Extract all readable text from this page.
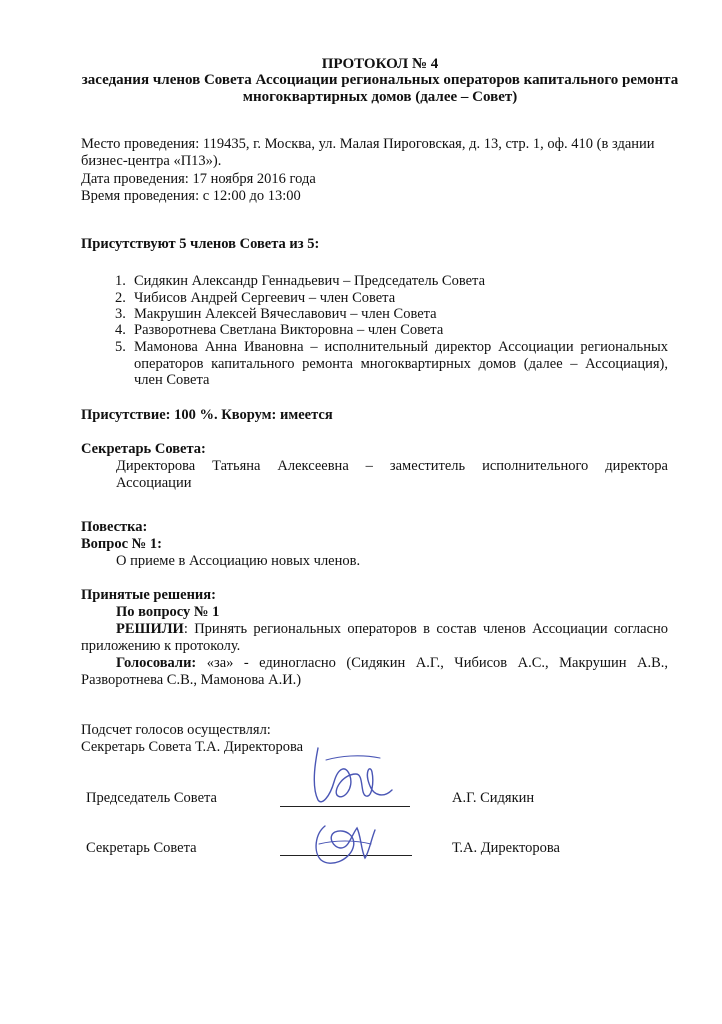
ПРОТОКОЛ № 4
заседания членов Совета Ассоциации региональных операторов капитального ремонта
многоквартирных домов (далее – Совет)
Место проведения: 119435, г. Москва, ул. Малая Пироговская, д. 13, стр. 1, оф. 410 (в здании
бизнес-центра «П13»).
Дата проведения: 17 ноября 2016 года
Время проведения: с 12:00 до 13:00
Присутствуют 5 членов Совета из 5:
1. Сидякин Александр Геннадьевич – Председатель Совета
2. Чибисов Андрей Сергеевич – член Совета
3. Макрушин Алексей Вячеславович – член Совета
4. Разворотнева Светлана Викторовна – член Совета
5. Мамонова Анна Ивановна – исполнительный директор Ассоциации региональных
операторов капитального ремонта многоквартирных домов (далее – Ассоциация),
член Совета
Присутствие: 100 %. Кворум: имеется
Секретарь Совета:
Директорова Татьяна Алексеевна – заместитель исполнительного директора
Ассоциации
Повестка:
Вопрос № 1:
О приеме в Ассоциацию новых членов.
Принятые решения:
По вопросу № 1
РЕШИЛИ: Принять региональных операторов в состав членов Ассоциации согласно
приложению к протоколу.
Голосовали: «за» - единогласно (Сидякин А.Г., Чибисов А.С., Макрушин А.В.,
Разворотнева С.В., Мамонова А.И.)
Подсчет голосов осуществлял:
Секретарь Совета Т.А. Директорова
Председатель Совета	А.Г. Сидякин
Секретарь Совета	Т.А. Директорова
